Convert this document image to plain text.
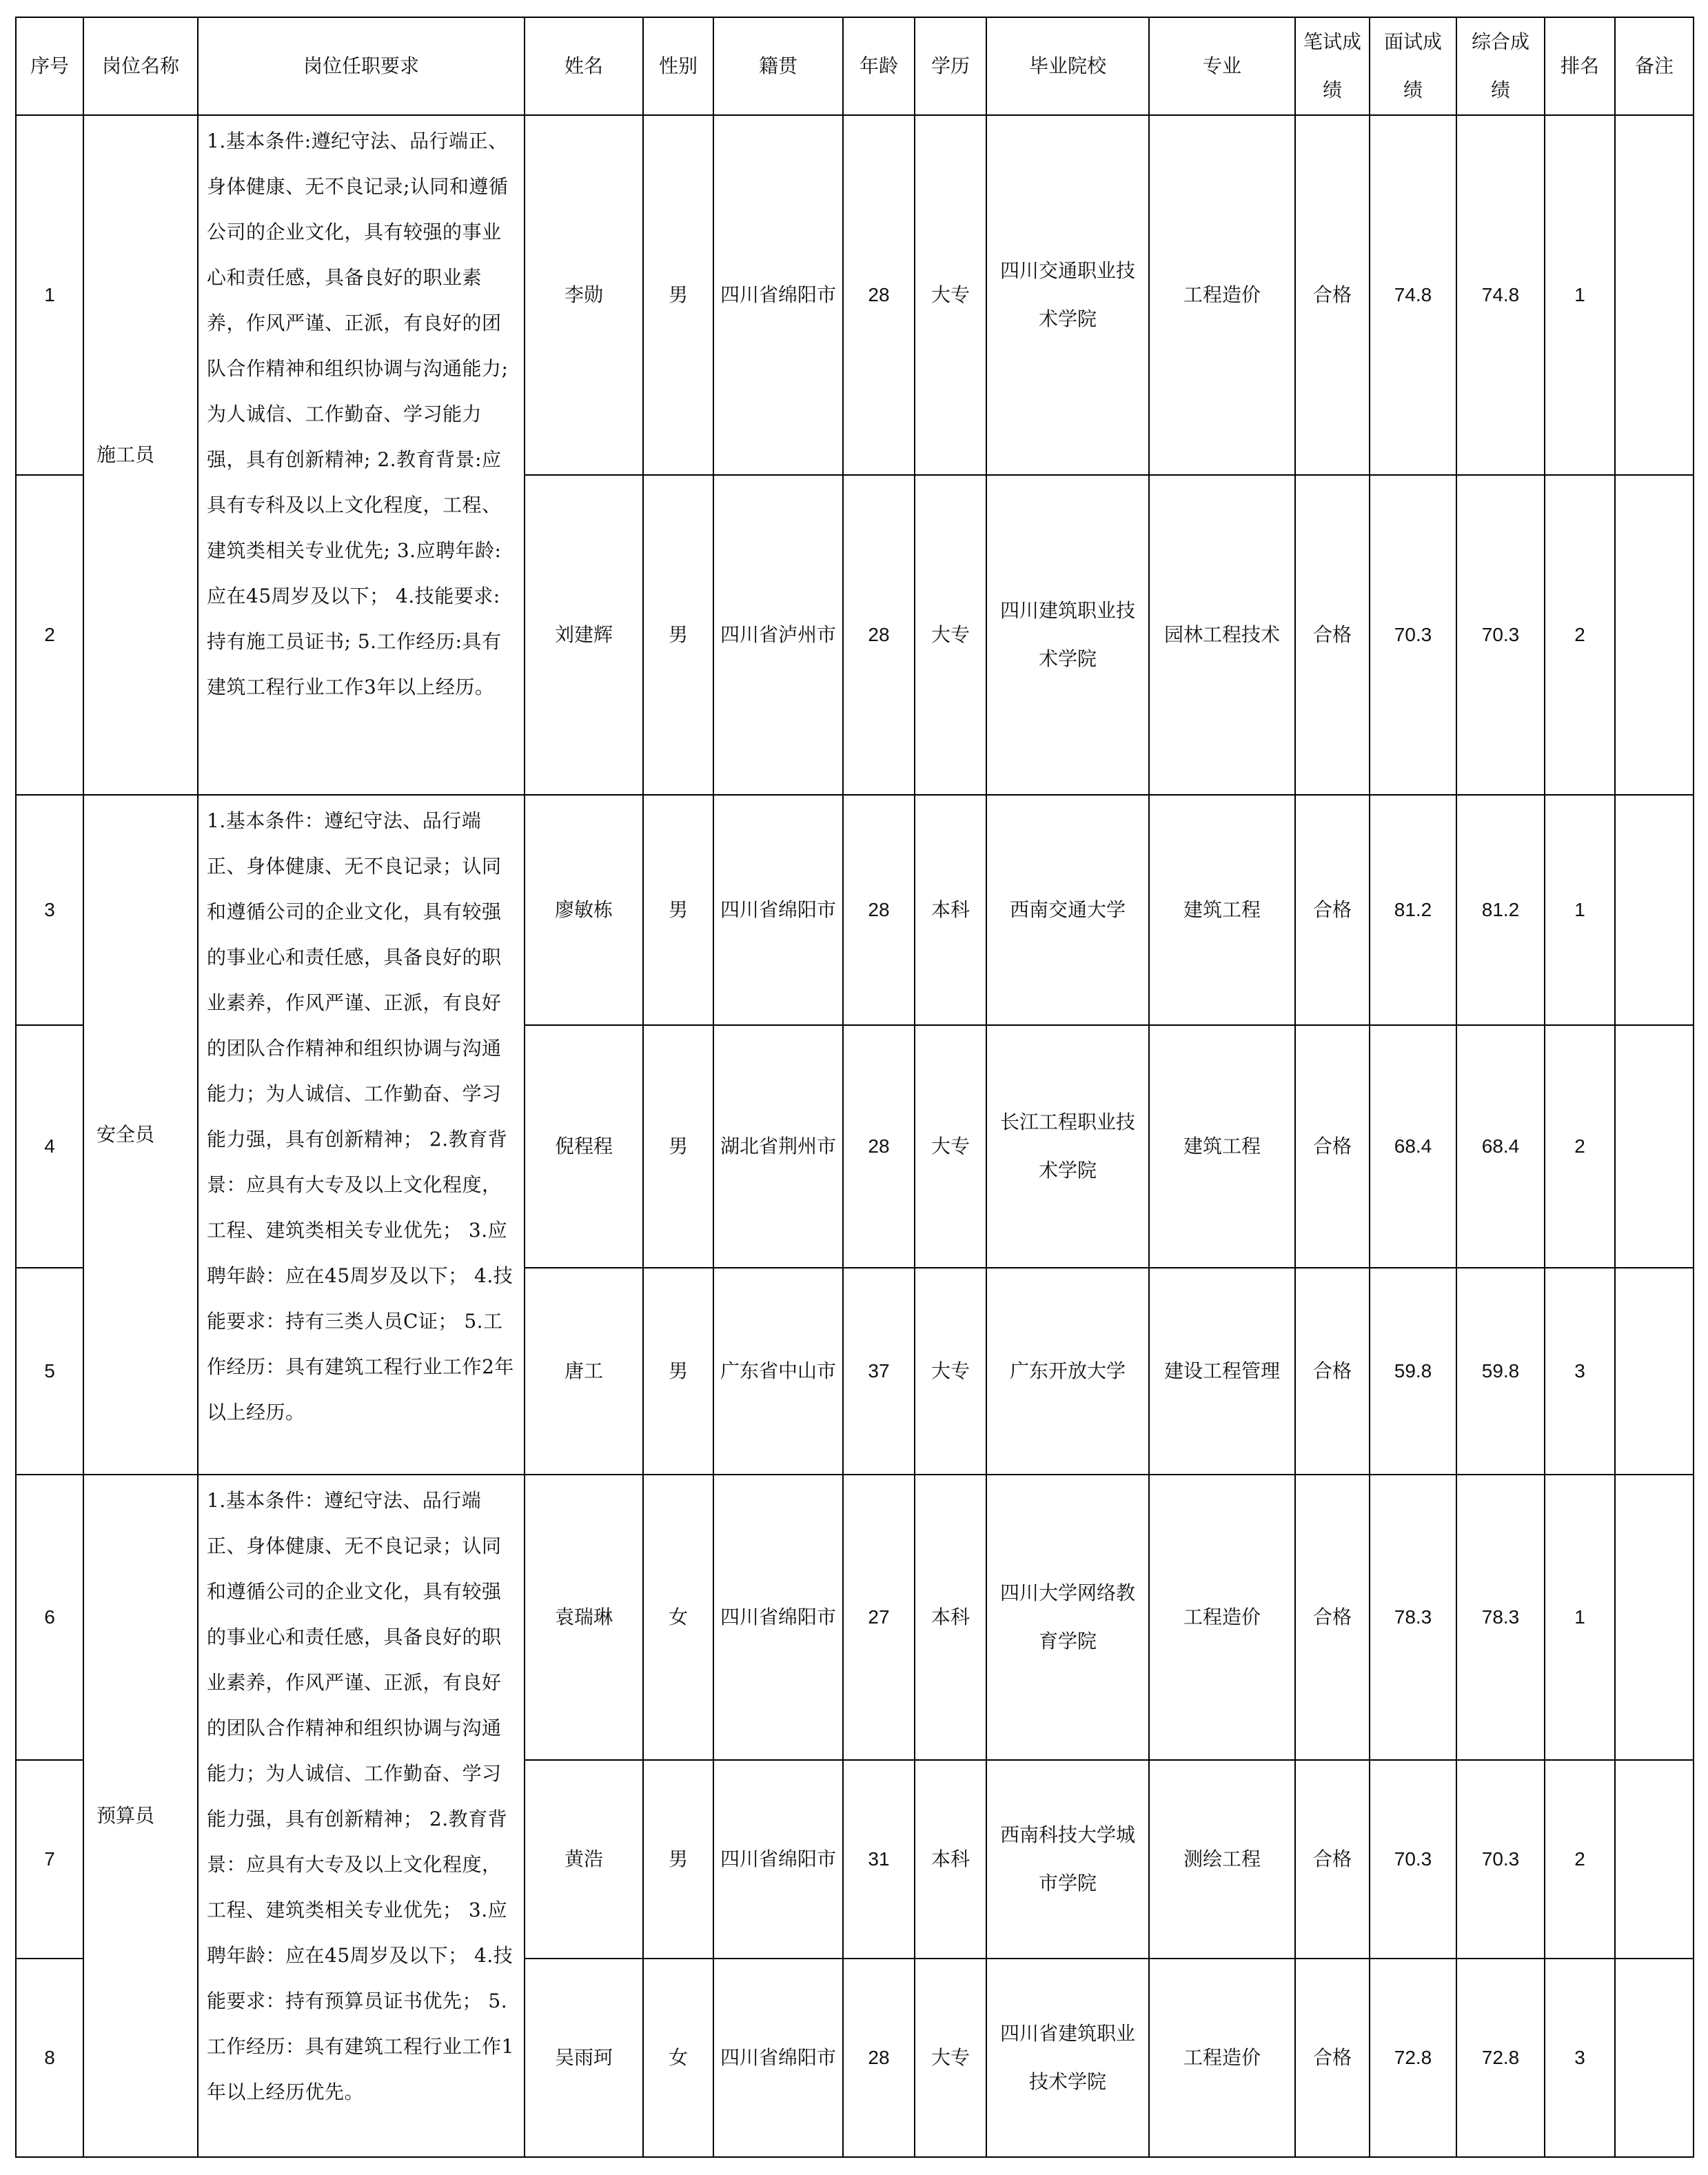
序号	岗位名称	岗位任职要求	姓名	性别	籍贯	年龄	学历	毕业院校	专业	笔试成绩	面试成绩	综合成绩	排名	备注
1	施工员	1.基本条件:遵纪守法、品行端正、身体健康、无不良记录;认同和遵循公司的企业文化，具有较强的事业心和责任感，具备良好的职业素养，作风严谨、正派，有良好的团队合作精神和组织协调与沟通能力;为人诚信、工作勤奋、学习能力强，具有创新精神; 2.教育背景:应具有专科及以上文化程度，工程、建筑类相关专业优先; 3.应聘年龄:应在45周岁及以下； 4.技能要求:持有施工员证书; 5.工作经历:具有建筑工程行业工作3年以上经历。	李勋	男	四川省绵阳市	28	大专	四川交通职业技术学院	工程造价	合格	74.8	74.8	1	
2			刘建辉	男	四川省泸州市	28	大专	四川建筑职业技术学院	园林工程技术	合格	70.3	70.3	2	
3	安全员	1.基本条件：遵纪守法、品行端正、身体健康、无不良记录；认同和遵循公司的企业文化，具有较强的事业心和责任感，具备良好的职业素养，作风严谨、正派，有良好的团队合作精神和组织协调与沟通能力；为人诚信、工作勤奋、学习能力强，具有创新精神； 2.教育背景：应具有大专及以上文化程度，工程、建筑类相关专业优先； 3.应聘年龄：应在45周岁及以下； 4.技能要求：持有三类人员C证； 5.工作经历：具有建筑工程行业工作2年以上经历。	廖敏栋	男	四川省绵阳市	28	本科	西南交通大学	建筑工程	合格	81.2	81.2	1	
4			倪程程	男	湖北省荆州市	28	大专	长江工程职业技术学院	建筑工程	合格	68.4	68.4	2	
5			唐工	男	广东省中山市	37	大专	广东开放大学	建设工程管理	合格	59.8	59.8	3	
6	预算员	1.基本条件：遵纪守法、品行端正、身体健康、无不良记录；认同和遵循公司的企业文化，具有较强的事业心和责任感，具备良好的职业素养，作风严谨、正派，有良好的团队合作精神和组织协调与沟通能力；为人诚信、工作勤奋、学习能力强，具有创新精神； 2.教育背景：应具有大专及以上文化程度，工程、建筑类相关专业优先； 3.应聘年龄：应在45周岁及以下； 4.技能要求：持有预算员证书优先； 5.工作经历：具有建筑工程行业工作1年以上经历优先。	袁瑞琳	女	四川省绵阳市	27	本科	四川大学网络教育学院	工程造价	合格	78.3	78.3	1	
7			黄浩	男	四川省绵阳市	31	本科	西南科技大学城市学院	测绘工程	合格	70.3	70.3	2	
8			吴雨珂	女	四川省绵阳市	28	大专	四川省建筑职业技术学院	工程造价	合格	72.8	72.8	3	
